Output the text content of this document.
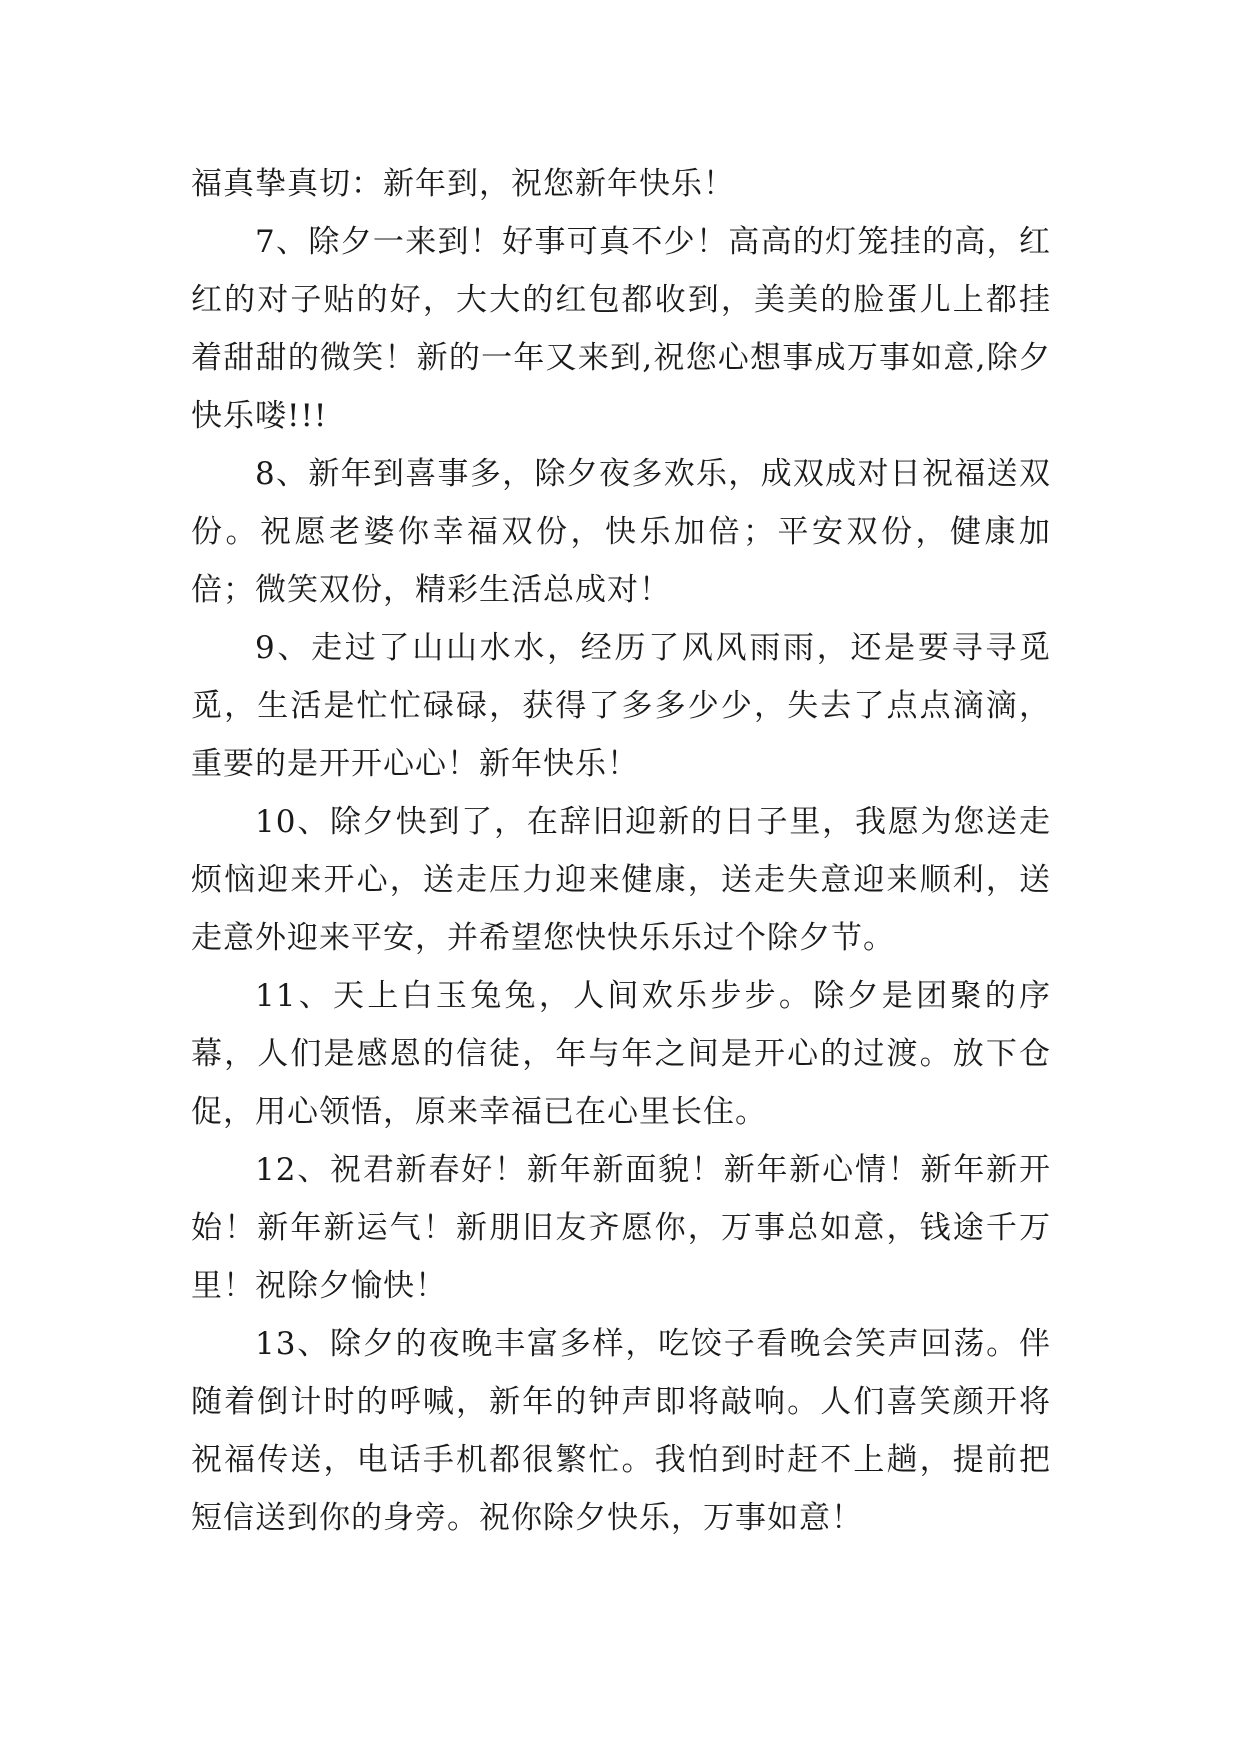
福真挚真切：新年到，祝您新年快乐！

7、除夕一来到！好事可真不少！高高的灯笼挂的高，红红的对子贴的好，大大的红包都收到，美美的脸蛋儿上都挂着甜甜的微笑！新的一年又来到,祝您心想事成万事如意,除夕快乐喽!!!

8、新年到喜事多，除夕夜多欢乐，成双成对日祝福送双份。祝愿老婆你幸福双份，快乐加倍；平安双份，健康加倍；微笑双份，精彩生活总成对！

9、走过了山山水水，经历了风风雨雨，还是要寻寻觅觅，生活是忙忙碌碌，获得了多多少少，失去了点点滴滴，重要的是开开心心！新年快乐！

10、除夕快到了，在辞旧迎新的日子里，我愿为您送走烦恼迎来开心，送走压力迎来健康，送走失意迎来顺利，送走意外迎来平安，并希望您快快乐乐过个除夕节。

11、天上白玉兔兔，人间欢乐步步。除夕是团聚的序幕，人们是感恩的信徒，年与年之间是开心的过渡。放下仓促，用心领悟，原来幸福已在心里长住。

12、祝君新春好！新年新面貌！新年新心情！新年新开始！新年新运气！新朋旧友齐愿你，万事总如意，钱途千万里！祝除夕愉快！

13、除夕的夜晚丰富多样，吃饺子看晚会笑声回荡。伴随着倒计时的呼喊，新年的钟声即将敲响。人们喜笑颜开将祝福传送，电话手机都很繁忙。我怕到时赶不上趟，提前把短信送到你的身旁。祝你除夕快乐，万事如意！
